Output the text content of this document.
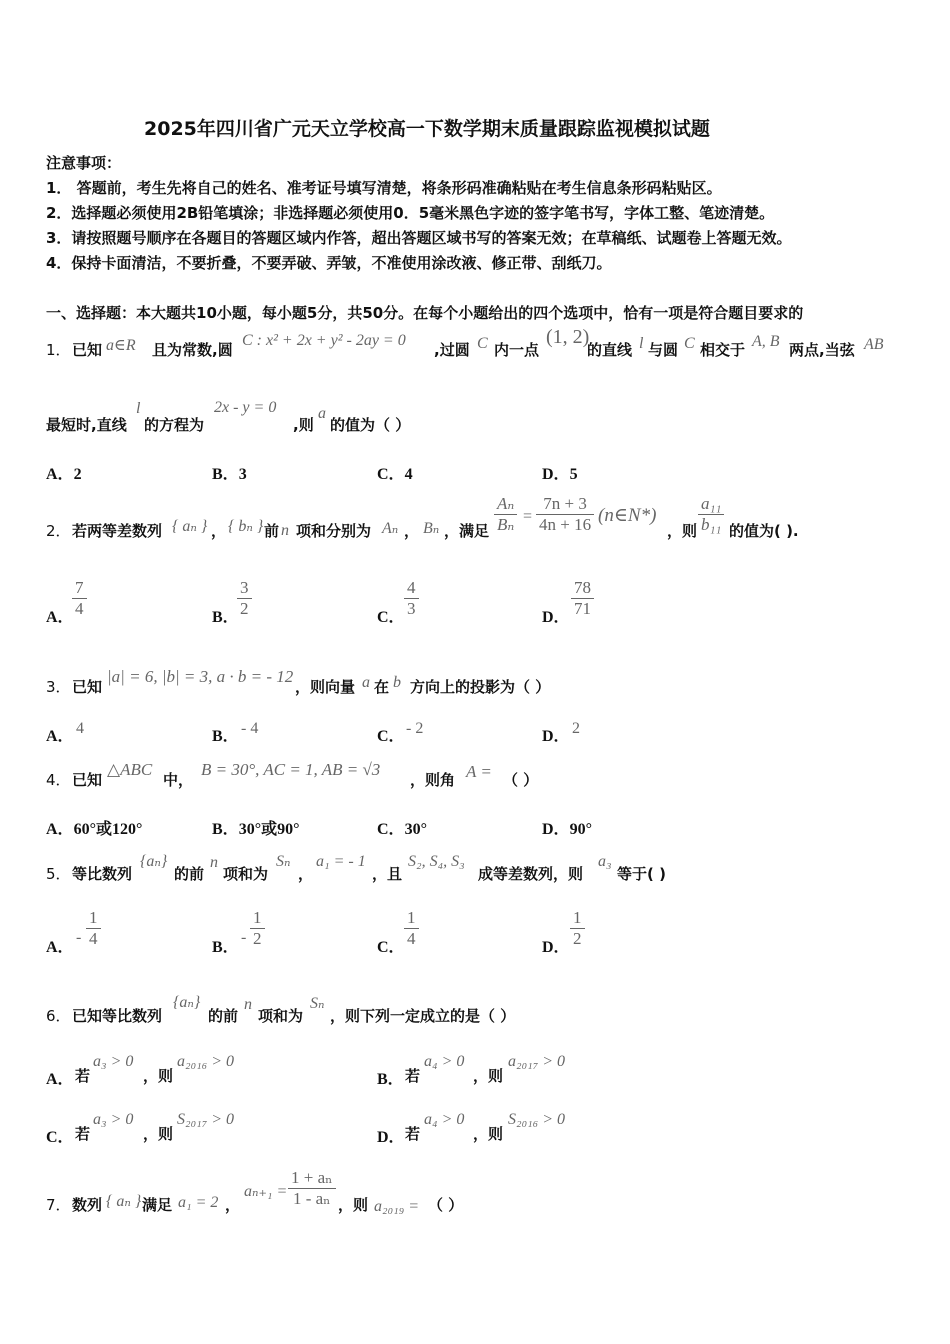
2025年四川省广元天立学校高一下数学期末质量跟踪监视模拟试题
注意事项：
1． 答题前，考生先将自己的姓名、准考证号填写清楚，将条形码准确粘贴在考生信息条形码粘贴区。
2．选择题必须使用2B铅笔填涂；非选择题必须使用0．5毫米黑色字迹的签字笔书写，字体工整、笔迹清楚。
3．请按照题号顺序在各题目的答题区域内作答，超出答题区域书写的答案无效；在草稿纸、试题卷上答题无效。
4．保持卡面清洁，不要折叠，不要弄破、弄皱，不准使用涂改液、修正带、刮纸刀。
一、选择题：本大题共10小题，每小题5分，共50分。在每个小题给出的四个选项中，恰有一项是符合题目要求的
1． 已知 a∈R 且为常数,圆
C : x² + 2x + y² - 2ay = 0
,过圆 C 内一点
(1, 2)
的直线 l 与圆 C 相交于 A, B 两点,当弦 AB
最短时,直线
l
的方程为
2x - y = 0
,则
a
的值为（ ）
A．2	B．3	C．4	D．5
2． 若两等差数列 { aₙ } ， { bₙ } 前 n 项和分别为 Aₙ ， Bₙ ，满足 $\frac{\text{Aₙ}}{\text{Bₙ}} = \frac{7n + 3}{4n + 16}$ (n∈N*)
，则 $\frac{\text{a₁₁}}{\text{b₁₁}}$ 的值为( ).
A．
$\frac{7}{4}$	B．
$\frac{3}{2}$	C． $\frac{4}{3}$	D． $\frac{78}{71}$
3． 已知
|a| = 6, |b| = 3, a · b = - 12
，则向量 a 在 b 方向上的投影为（ ）
A． 4	B． - 4	C． - 2	D． 2
4． 已知
△ABC
中，
B = 30°, AC = 1, AB = √3
，则角 A = （ ）
A．60°或120°	B．30°或90°	C．30°	D．90°
5． 等比数列
{aₙ}
的前
n
项和为
Sₙ
，
a₁ = - 1
，且
S₂, S₄, S₃
成等差数列，则
a₃
等于( )
A．
- $\frac{1}{4}$	B．
- $\frac{1}{2}$	C． $\frac{1}{4}$	D． $\frac{1}{2}$
6． 已知等比数列
{aₙ}
的前
n
项和为
Sₙ
，则下列一定成立的是（ ）
A． 若
a₃ > 0
，则
a₂₀₁₆ > 0
B． 若
a₄ > 0
，则
a₂₀₁₇ > 0
C． 若
a₃ > 0
，则
S₂₀₁₇ > 0
D． 若
a₄ > 0
，则
S₂₀₁₆ > 0
7． 数列 { aₙ } 满足 a₁ = 2 ，
$a_{n+1} = \frac{\text{1 + aₙ}}{\text{1 - aₙ}}$ ，则 a₂₀₁₉ = （ ）
